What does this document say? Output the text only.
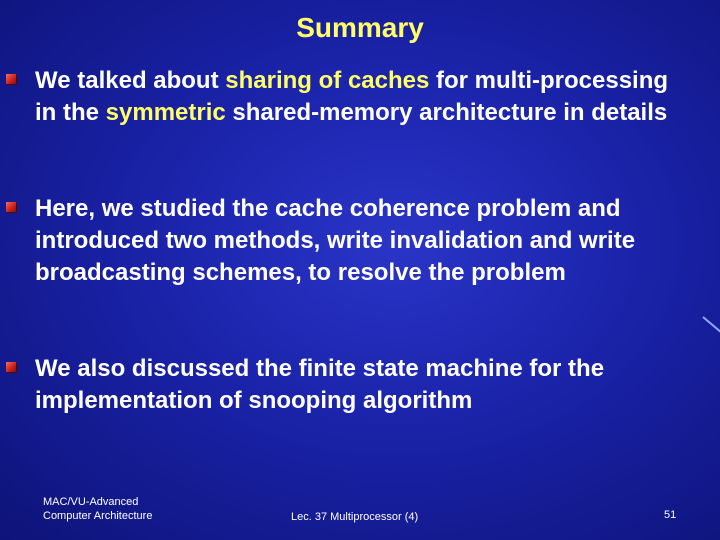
Summary
We talked about sharing of caches for multi-processing in the symmetric shared-memory architecture in details
Here, we studied the cache coherence problem and introduced two methods, write invalidation and write broadcasting schemes, to resolve the problem
We also discussed the finite state machine for the implementation of snooping algorithm
MAC/VU-Advanced
Computer Architecture	Lec. 37 Multiprocessor (4)	51
